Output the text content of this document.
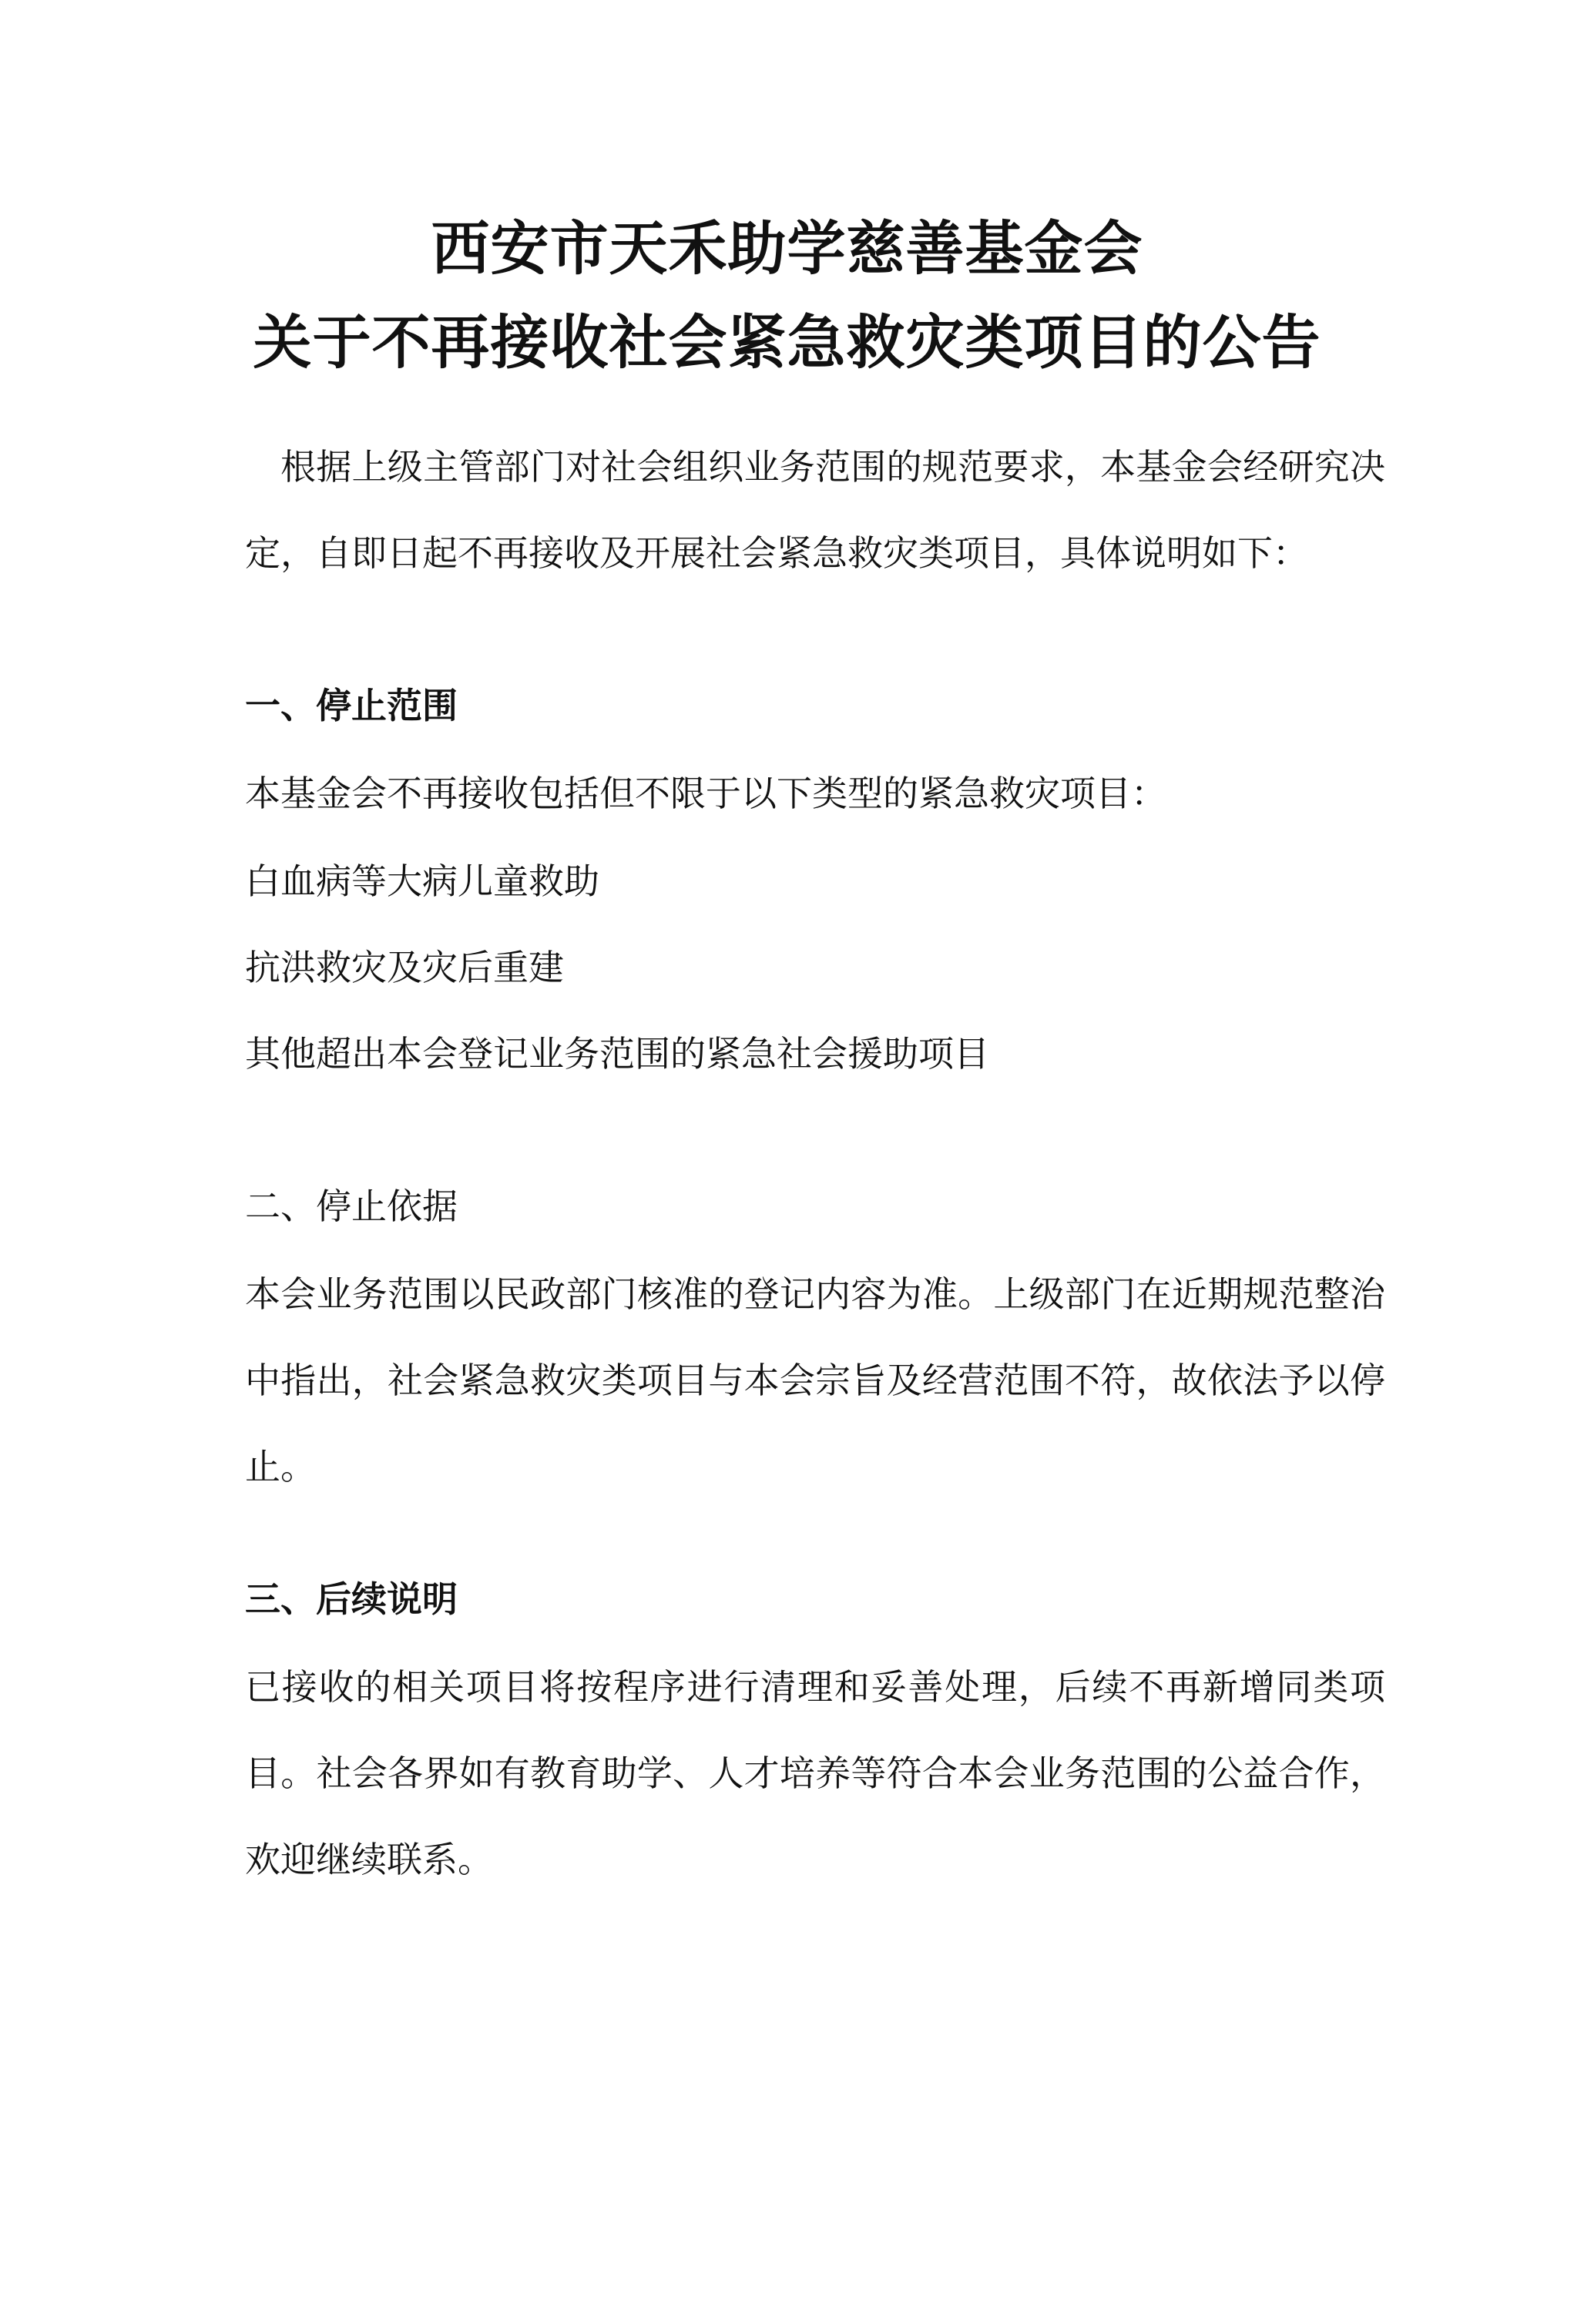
西安市天禾助学慈善基金会
关于不再接收社会紧急救灾类项目的公告

根据上级主管部门对社会组织业务范围的规范要求，本基金会经研究决定，自即日起不再接收及开展社会紧急救灾类项目，具体说明如下：

一、停止范围

本基金会不再接收包括但不限于以下类型的紧急救灾项目：

白血病等大病儿童救助

抗洪救灾及灾后重建

其他超出本会登记业务范围的紧急社会援助项目

二、停止依据

本会业务范围以民政部门核准的登记内容为准。上级部门在近期规范整治中指出，社会紧急救灾类项目与本会宗旨及经营范围不符，故依法予以停止。

三、后续说明

已接收的相关项目将按程序进行清理和妥善处理，后续不再新增同类项目。社会各界如有教育助学、人才培养等符合本会业务范围的公益合作，欢迎继续联系。
